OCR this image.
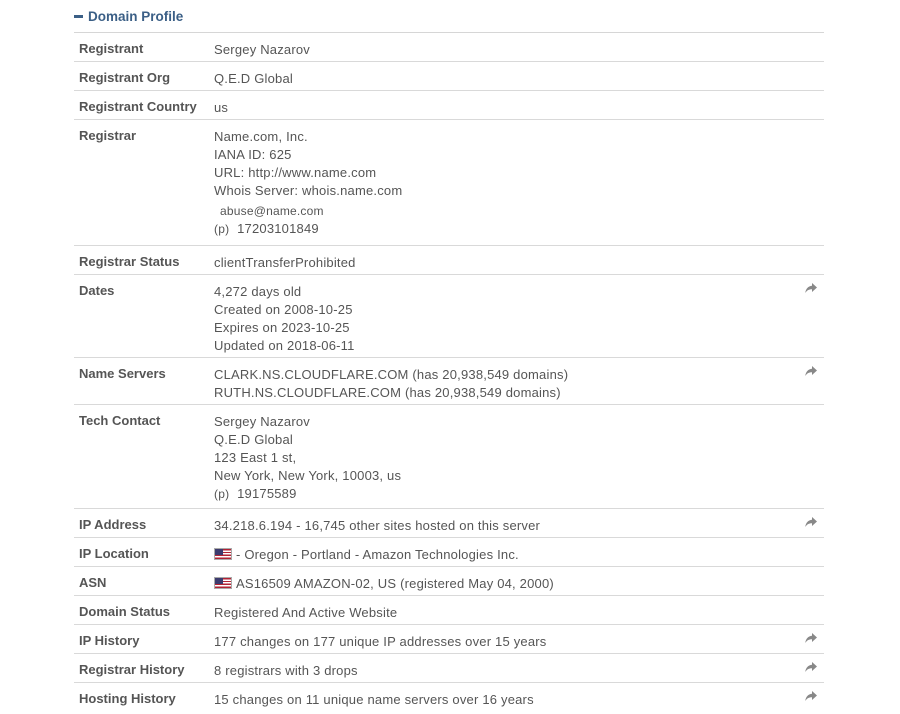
Domain Profile
Registrant	Sergey Nazarov
Registrant Org	Q.E.D Global
Registrant Country	us
Registrar	Name.com, Inc.
IANA ID: 625
URL: http://www.name.com
Whois Server: whois.name.com
abuse@name.com
(p) 17203101849
Registrar Status	clientTransferProhibited
Dates	4,272 days old
Created on 2008-10-25
Expires on 2023-10-25
Updated on 2018-06-11
Name Servers	CLARK.NS.CLOUDFLARE.COM (has 20,938,549 domains)
RUTH.NS.CLOUDFLARE.COM (has 20,938,549 domains)
Tech Contact	Sergey Nazarov
Q.E.D Global
123 East 1 st,
New York, New York, 10003, us
(p) 19175589
IP Address	34.218.6.194 - 16,745 other sites hosted on this server
IP Location	- Oregon - Portland - Amazon Technologies Inc.
ASN	AS16509 AMAZON-02, US (registered May 04, 2000)
Domain Status	Registered And Active Website
IP History	177 changes on 177 unique IP addresses over 15 years
Registrar History	8 registrars with 3 drops
Hosting History	15 changes on 11 unique name servers over 16 years
